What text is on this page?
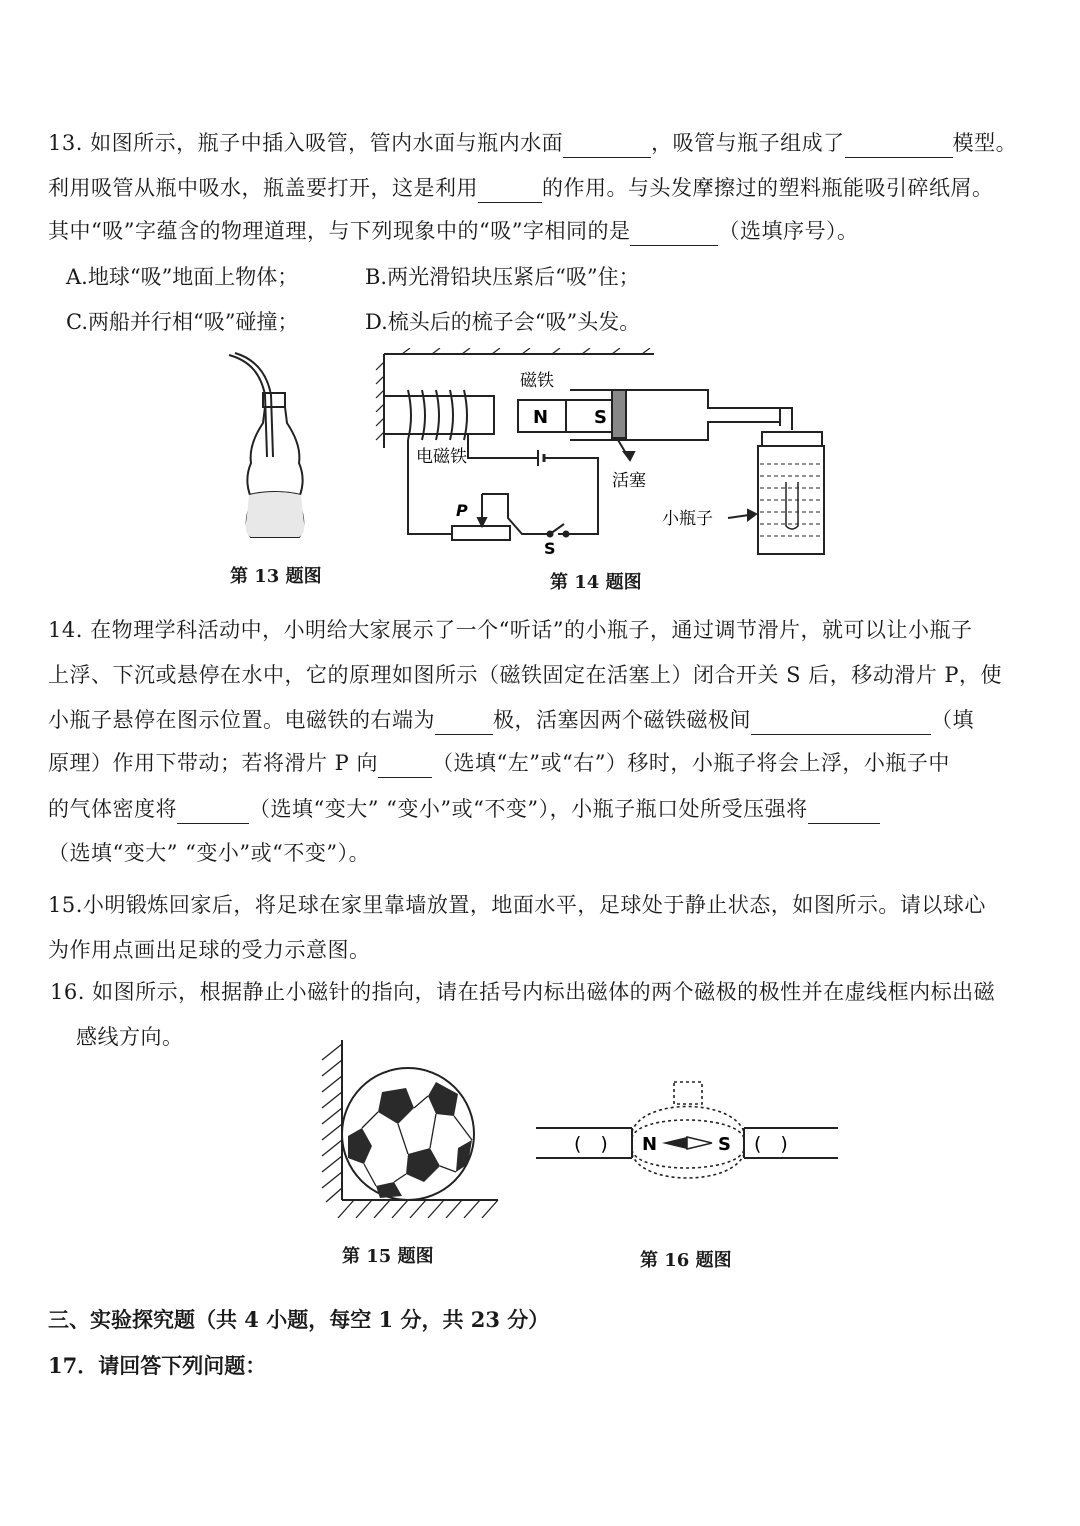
13. 如图所示，瓶子中插入吸管，管内水面与瓶内水面	，吸管与瓶子组成了	模型。
利用吸管从瓶中吸水，瓶盖要打开，这是利用	的作用。与头发摩擦过的塑料瓶能吸引碎纸屑。
其中“吸”字蕴含的物理道理，与下列现象中的“吸”字相同的是	（选填序号）。
A.地球“吸”地面上物体；	B.两光滑铅块压紧后“吸”住；
C.两船并行相“吸”碰撞；	D.梳头后的梳子会“吸”头发。
第 13 题图
磁铁
N	S
电磁铁
活塞
小瓶子
P
S
第 14 题图
14. 在物理学科活动中，小明给大家展示了一个“听话”的小瓶子，通过调节滑片，就可以让小瓶子
上浮、下沉或悬停在水中，它的原理如图所示（磁铁固定在活塞上）闭合开关 S 后，移动滑片 P，使
小瓶子悬停在图示位置。电磁铁的右端为	极，活塞因两个磁铁磁极间	（填
原理）作用下带动；若将滑片 P 向	（选填“左”或“右”）移时，小瓶子将会上浮，小瓶子中
的气体密度将	（选填“变大” “变小”或“不变”），小瓶子瓶口处所受压强将
（选填“变大” “变小”或“不变”）。
15.小明锻炼回家后，将足球在家里靠墙放置，地面水平，足球处于静止状态，如图所示。请以球心
为作用点画出足球的受力示意图。
16. 如图所示，根据静止小磁针的指向，请在括号内标出磁体的两个磁极的极性并在虚线框内标出磁
感线方向。
第 15 题图
N	S
(　)	(　)
第 16 题图
三、实验探究题（共 4 小题，每空 1 分，共 23 分）
17．请回答下列问题：
